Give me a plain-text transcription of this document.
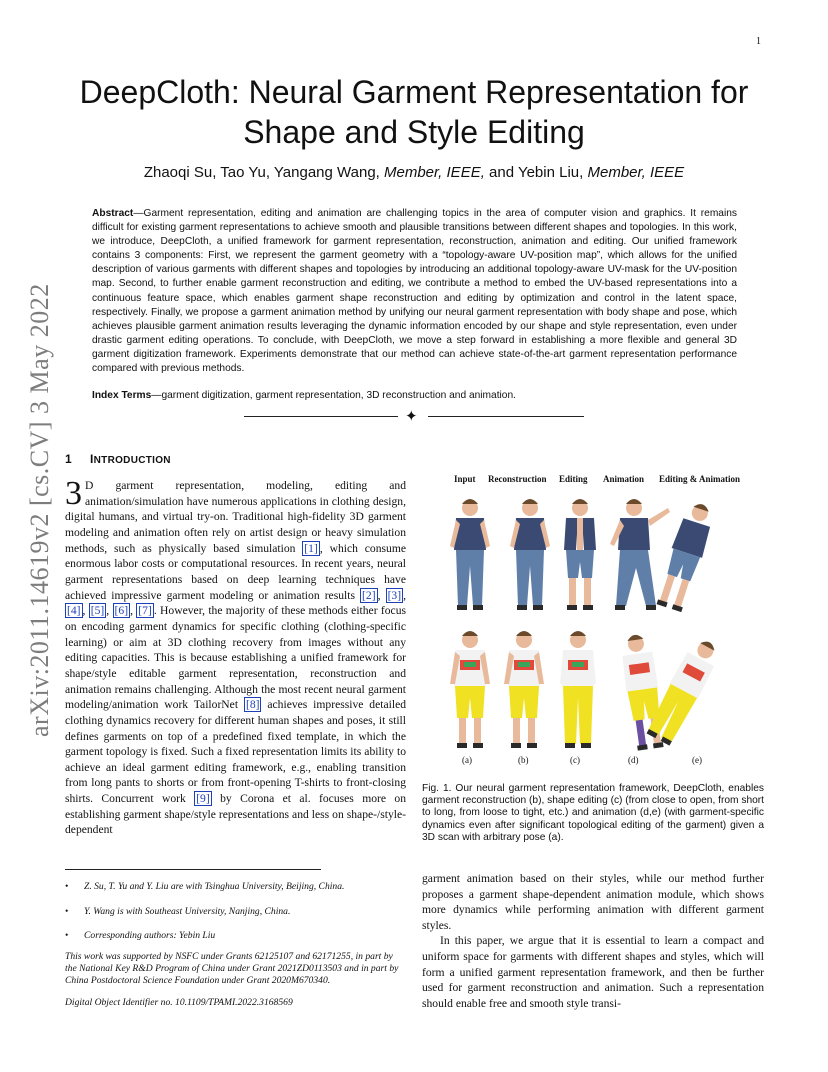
1
arXiv:2011.14619v2 [cs.CV] 3 May 2022
DeepCloth: Neural Garment Representation for Shape and Style Editing
Zhaoqi Su, Tao Yu, Yangang Wang, Member, IEEE, and Yebin Liu, Member, IEEE
Abstract—Garment representation, editing and animation are challenging topics in the area of computer vision and graphics. It remains difficult for existing garment representations to achieve smooth and plausible transitions between different shapes and topologies. In this work, we introduce, DeepCloth, a unified framework for garment representation, reconstruction, animation and editing. Our unified framework contains 3 components: First, we represent the garment geometry with a “topology-aware UV-position map”, which allows for the unified description of various garments with different shapes and topologies by introducing an additional topology-aware UV-mask for the UV-position map. Second, to further enable garment reconstruction and editing, we contribute a method to embed the UV-based representations into a continuous feature space, which enables garment shape reconstruction and editing by optimization and control in the latent space, respectively. Finally, we propose a garment animation method by unifying our neural garment representation with body shape and pose, which achieves plausible garment animation results leveraging the dynamic information encoded by our shape and style representation, even under drastic garment editing operations. To conclude, with DeepCloth, we move a step forward in establishing a more flexible and general 3D garment digitization framework. Experiments demonstrate that our method can achieve state-of-the-art garment representation performance compared with previous methods.
Index Terms—garment digitization, garment representation, 3D reconstruction and animation.
✦
1 INTRODUCTION
3 D garment representation, modeling, editing and animation/simulation have numerous applications in clothing design, digital humans, and virtual try-on. Traditional high-fidelity 3D garment modeling and animation often rely on artist design or heavy simulation methods, such as physically based simulation [1] , which consume enormous labor costs or computational resources. In recent years, neural garment representations based on deep learning techniques have achieved impressive garment modeling or animation results [2] , [3] , [4] , [5] , [6] , [7] . However, the majority of these methods either focus on encoding garment dynamics for specific clothing (clothing-specific learning) or aim at 3D clothing recovery from images without any editing capacities. This is because establishing a unified framework for shape/style editable garment representation, reconstruction and animation remains challenging. Although the most recent neural garment modeling/animation work TailorNet [8] achieves impressive detailed clothing dynamics recovery for different human shapes and poses, it still defines garments on top of a predefined fixed template, in which the garment topology is fixed. Such a fixed representation limits its ability to achieve an ideal garment editing framework, e.g., enabling transition from long pants to shorts or from front-opening T-shirts to front-closing shirts. Concurrent work [9] by Corona et al. focuses more on establishing garment shape/style representations and less on shape-/style-dependent
•	Z. Su, T. Yu and Y. Liu are with Tsinghua University, Beijing, China.
•	Y. Wang is with Southeast University, Nanjing, China.
•	Corresponding authors: Yebin Liu
This work was supported by NSFC under Grants 62125107 and 62171255, in part by the National Key R&D Program of China under Grant 2021ZD0113503 and in part by China Postdoctoral Science Foundation under Grant 2020M670340.
Digital Object Identifier no. 10.1109/TPAMI.2022.3168569
Input Reconstruction Editing Animation Editing & Animation
(a)	(b)	(c)	(d)	(e)
Fig. 1. Our neural garment representation framework, DeepCloth, enables garment reconstruction (b), shape editing (c) (from close to open, from short to long, from loose to tight, etc.) and animation (d,e) (with garment-specific dynamics even after significant topological editing of the garment) given a 3D scan with arbitrary pose (a).
garment animation based on their styles, while our method further proposes a garment shape-dependent animation module, which shows more dynamics while performing animation with different garment styles.
In this paper, we argue that it is essential to learn a compact and uniform space for garments with different shapes and styles, which will form a unified garment representation framework, and then be further used for garment reconstruction and animation. Such a representation should enable free and smooth style transi-
